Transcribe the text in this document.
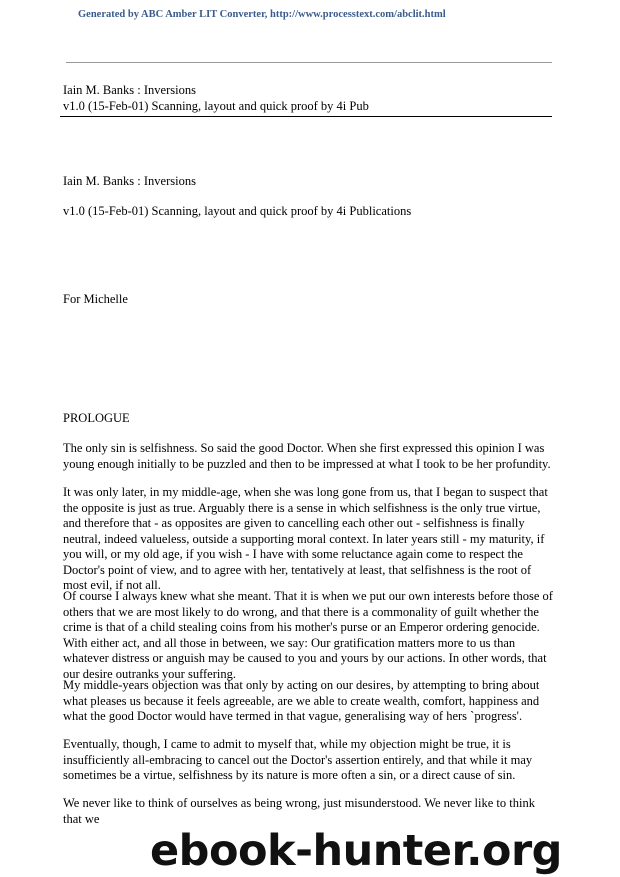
Generated by ABC Amber LIT Converter, http://www.processtext.com/abclit.html
Iain M. Banks : Inversions
v1.0 (15-Feb-01) Scanning, layout and quick proof by 4i Pub
Iain M. Banks : Inversions
v1.0 (15-Feb-01) Scanning, layout and quick proof by 4i Publications
For Michelle
PROLOGUE

The only sin is selfishness. So said the good Doctor. When she first expressed this opinion I was young enough initially to be puzzled and then to be impressed at what I took to be her profundity.

It was only later, in my middle-age, when she was long gone from us, that I began to suspect that the opposite is just as true. Arguably there is a sense in which selfishness is the only true virtue, and therefore that - as opposites are given to cancelling each other out - selfishness is finally neutral, indeed valueless, outside a supporting moral context. In later years still - my maturity, if you will, or my old age, if you wish - I have with some reluctance again come to respect the Doctor's point of view, and to agree with her, tentatively at least, that selfishness is the root of most evil, if not all.

Of course I always knew what she meant. That it is when we put our own interests before those of others that we are most likely to do wrong, and that there is a commonality of guilt whether the crime is that of a child stealing coins from his mother's purse or an Emperor ordering genocide. With either act, and all those in between, we say: Our gratification matters more to us than whatever distress or anguish may be caused to you and yours by our actions. In other words, that our desire outranks your suffering.

My middle-years objection was that only by acting on our desires, by attempting to bring about what pleases us because it feels agreeable, are we able to create wealth, comfort, happiness and what the good Doctor would have termed in that vague, generalising way of hers `progress'.

Eventually, though, I came to admit to myself that, while my objection might be true, it is insufficiently all-embracing to cancel out the Doctor's assertion entirely, and that while it may sometimes be a virtue, selfishness by its nature is more often a sin, or a direct cause of sin.

We never like to think of ourselves as being wrong, just misunderstood. We never like to think that we

ebook-hunter.org
